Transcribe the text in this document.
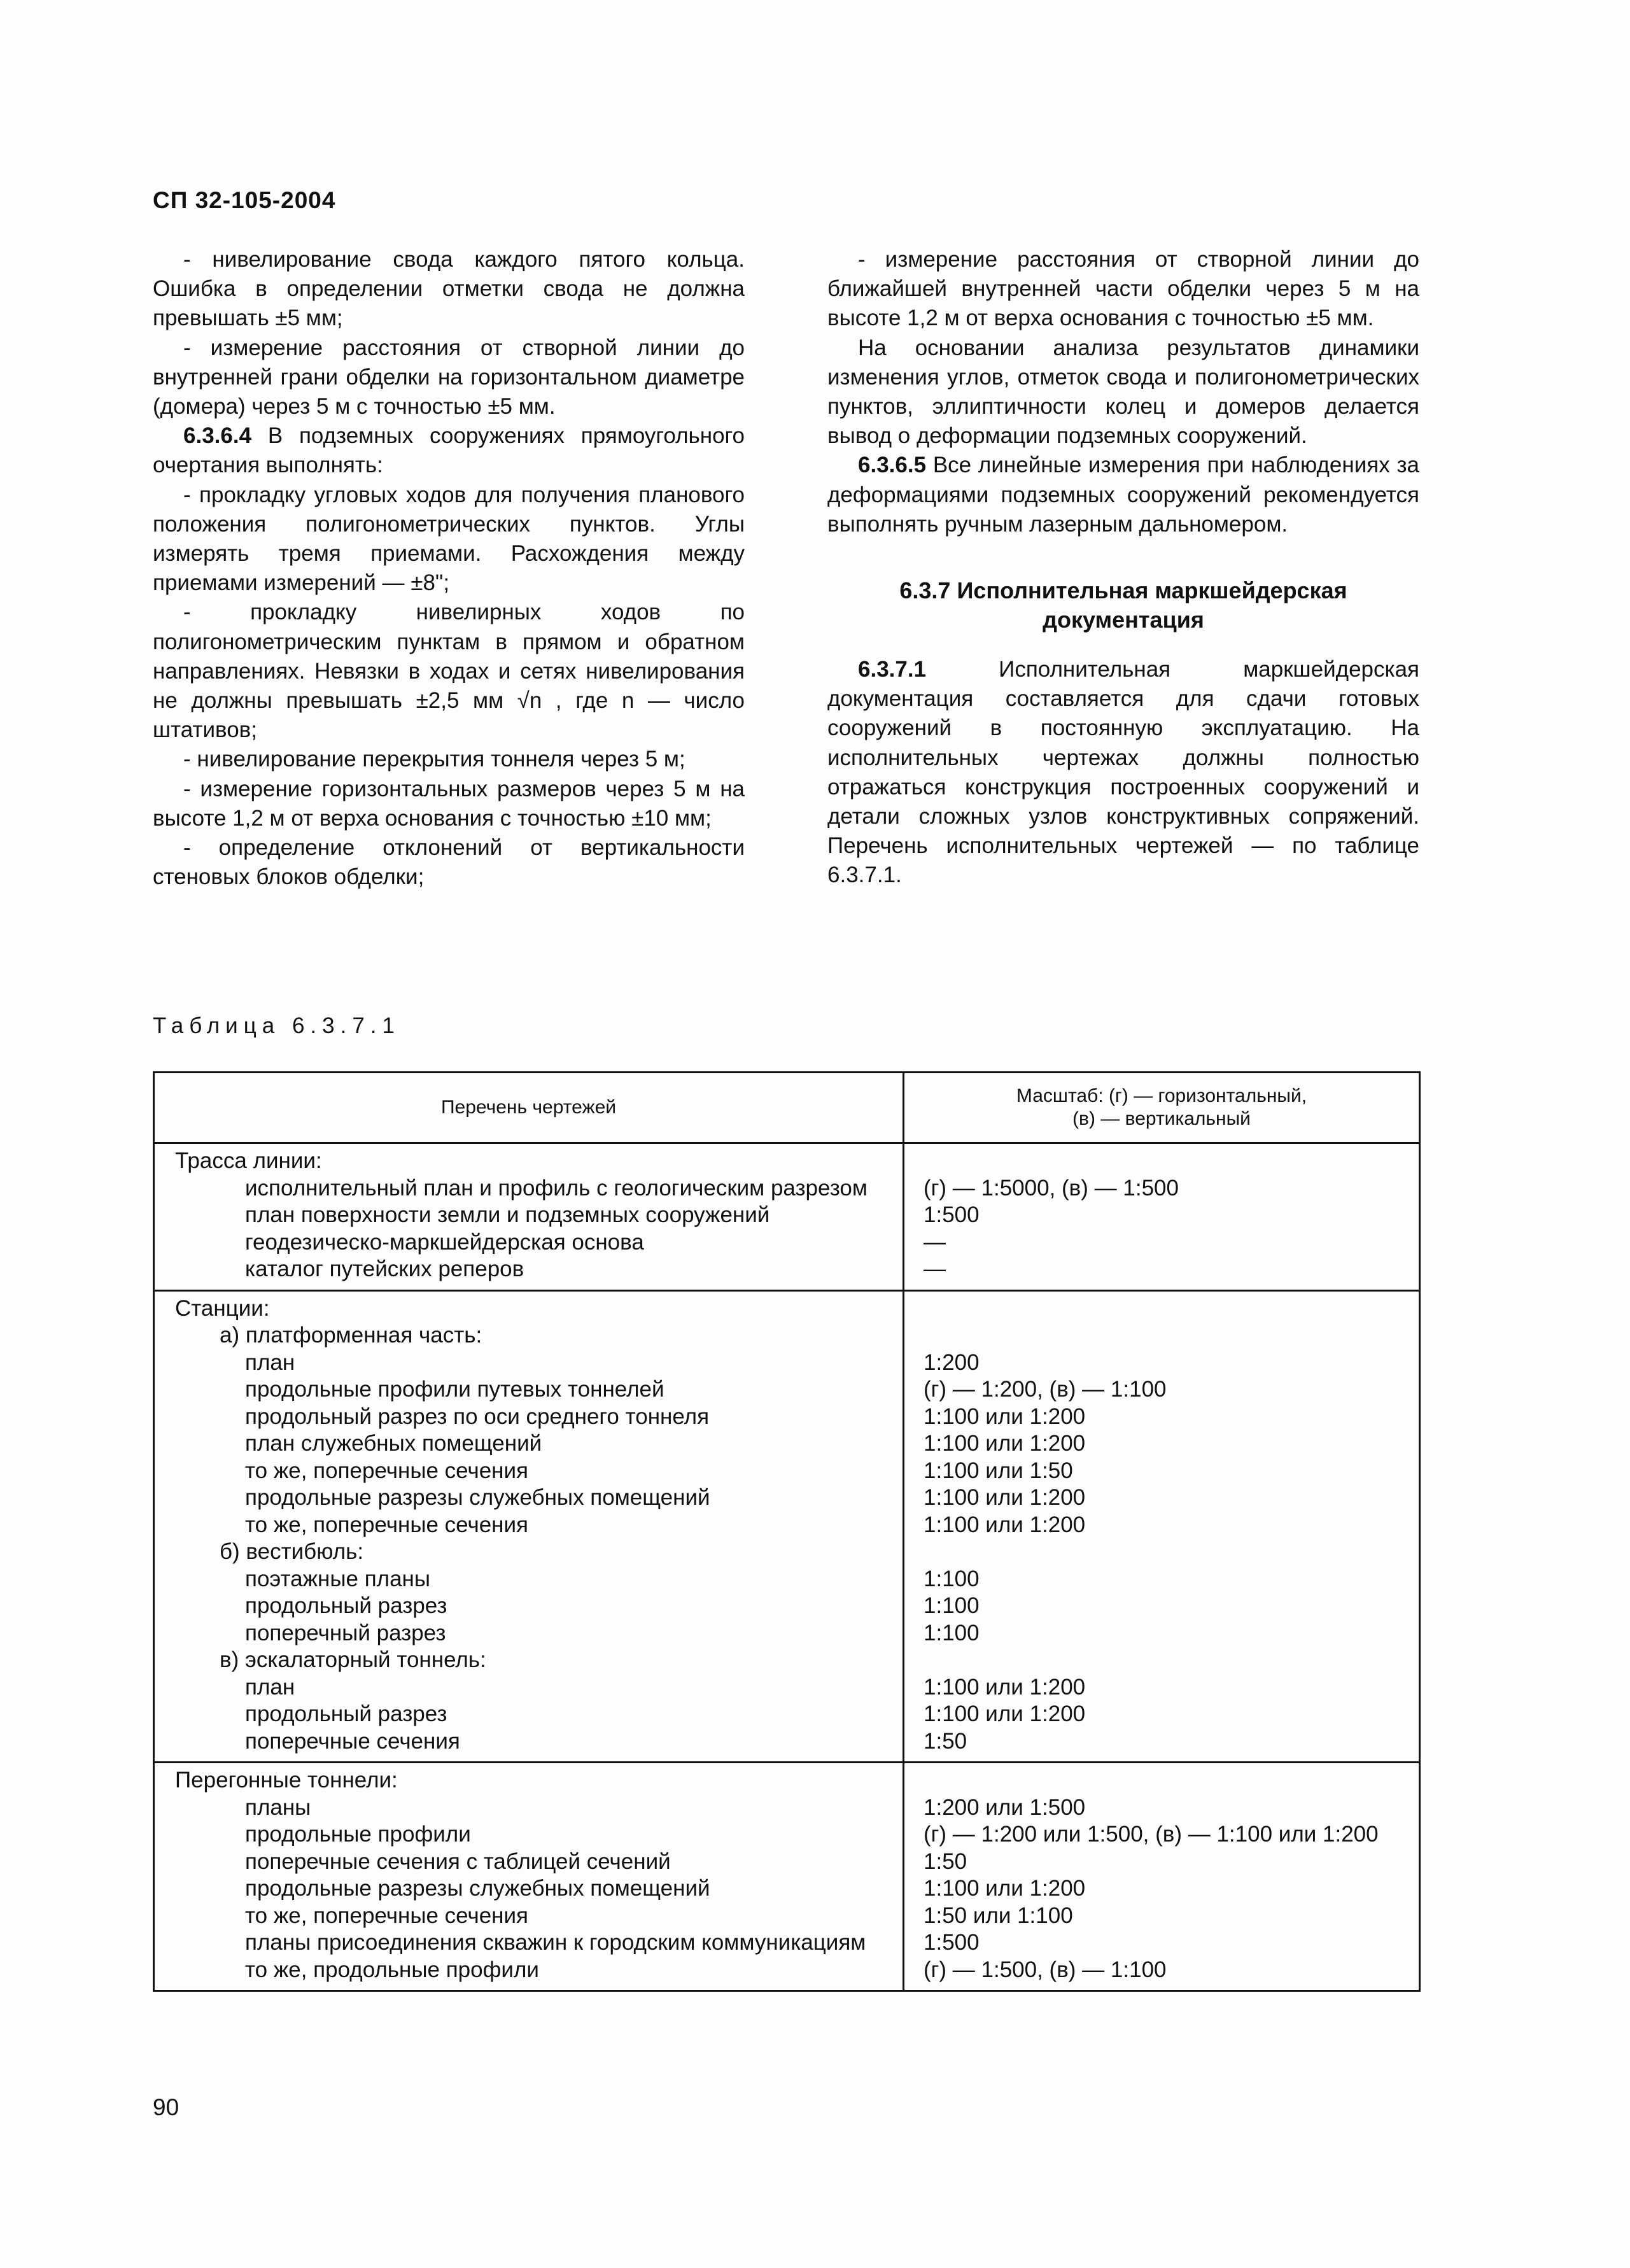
СП 32-105-2004

- нивелирование свода каждого пятого кольца. Ошибка в определении отметки свода не должна превышать ±5 мм;

- измерение расстояния от створной линии до внутренней грани обделки на горизонтальном диаметре (домера) через 5 м с точностью ±5 мм.

6.3.6.4 В подземных сооружениях прямоугольного очертания выполнять:

- прокладку угловых ходов для получения планового положения полигонометрических пунктов. Углы измерять тремя приемами. Расхождения между приемами измерений — ±8";

- прокладку нивелирных ходов по полигонометрическим пунктам в прямом и обратном направлениях. Невязки в ходах и сетях нивелирования не должны превышать ±2,5 мм √n , где n — число штативов;

- нивелирование перекрытия тоннеля через 5 м;

- измерение горизонтальных размеров через 5 м на высоте 1,2 м от верха основания с точностью ±10 мм;

- определение отклонений от вертикальности стеновых блоков обделки;

- измерение расстояния от створной линии до ближайшей внутренней части обделки через 5 м на высоте 1,2 м от верха основания с точностью ±5 мм.

На основании анализа результатов динамики изменения углов, отметок свода и полигонометрических пунктов, эллиптичности колец и домеров делается вывод о деформации подземных сооружений.

6.3.6.5 Все линейные измерения при наблюдениях за деформациями подземных сооружений рекомендуется выполнять ручным лазерным дальномером.

6.3.7 Исполнительная маркшейдерская документация

6.3.7.1 Исполнительная маркшейдерская документация составляется для сдачи готовых сооружений в постоянную эксплуатацию. На исполнительных чертежах должны полностью отражаться конструкция построенных сооружений и детали сложных узлов конструктивных сопряжений. Перечень исполнительных чертежей — по таблице 6.3.7.1.

Таблица 6.3.7.1
Перечень чертежей
Масштаб: (г) — горизонтальный,
(в) — вертикальный
Трасса линии:
исполнительный план и профиль с геологическим разрезом
план поверхности земли и подземных сооружений
геодезическо-маркшейдерская основа
каталог путейских реперов
(г) — 1:5000, (в) — 1:500
1:500
—
—
Станции:
а) платформенная часть:
план
продольные профили путевых тоннелей
продольный разрез по оси среднего тоннеля
план служебных помещений
то же, поперечные сечения
продольные разрезы служебных помещений
то же, поперечные сечения
б) вестибюль:
поэтажные планы
продольный разрез
поперечный разрез
в) эскалаторный тоннель:
план
продольный разрез
поперечные сечения
1:200
(г) — 1:200, (в) — 1:100
1:100 или 1:200
1:100 или 1:200
1:100 или 1:50
1:100 или 1:200
1:100 или 1:200
1:100
1:100
1:100
1:100 или 1:200
1:100 или 1:200
1:50
Перегонные тоннели:
планы
продольные профили
поперечные сечения с таблицей сечений
продольные разрезы служебных помещений
то же, поперечные сечения
планы присоединения скважин к городским коммуникациям
то же, продольные профили
1:200 или 1:500
(г) — 1:200 или 1:500, (в) — 1:100 или 1:200
1:50
1:100 или 1:200
1:50 или 1:100
1:500
(г) — 1:500, (в) — 1:100
90
